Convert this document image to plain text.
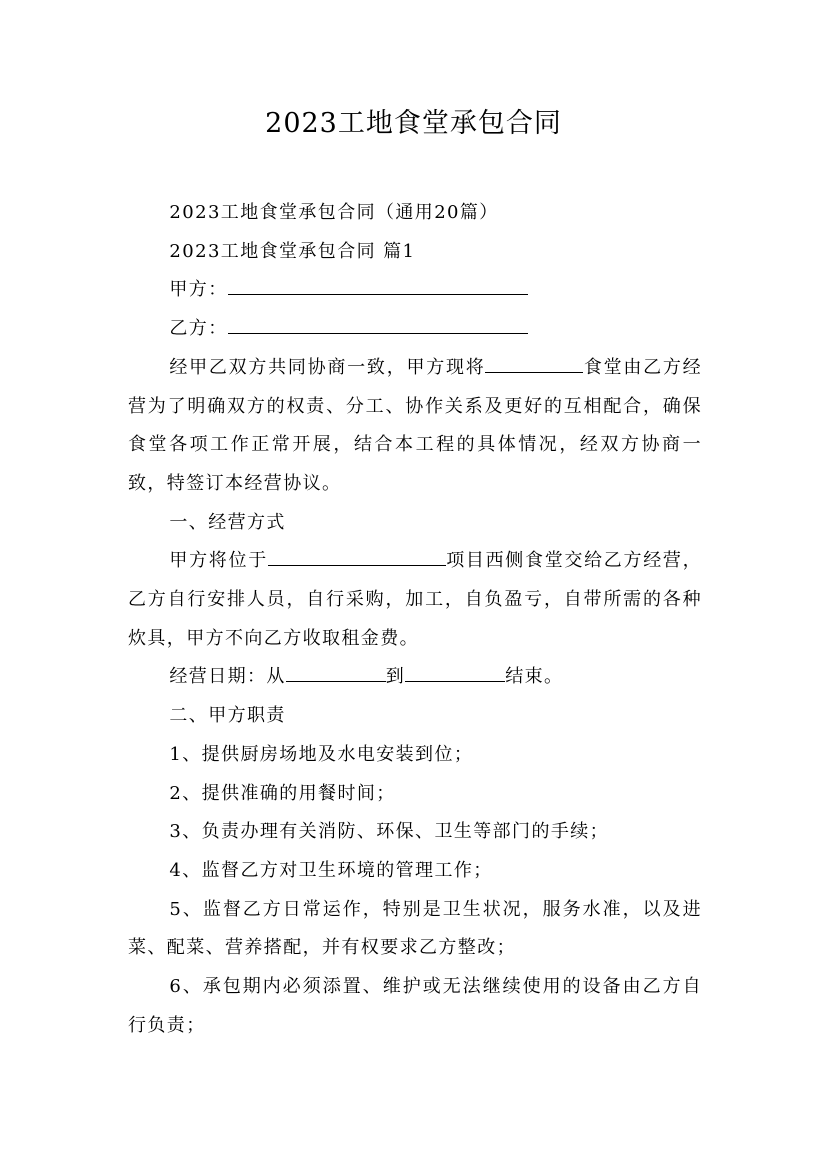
2023工地食堂承包合同

2023工地食堂承包合同（通用20篇）

2023工地食堂承包合同 篇1

甲方：

乙方：

经甲乙双方共同协商一致，甲方现将	食堂由乙方经营为了明确双方的权责、分工、协作关系及更好的互相配合，确保食堂各项工作正常开展，结合本工程的具体情况，经双方协商一致，特签订本经营协议。

一、经营方式

甲方将位于	项目西侧食堂交给乙方经营，乙方自行安排人员，自行采购，加工，自负盈亏，自带所需的各种炊具，甲方不向乙方收取租金费。

经营日期：从	到	结束。

二、甲方职责

1、提供厨房场地及水电安装到位；

2、提供准确的用餐时间；

3、负责办理有关消防、环保、卫生等部门的手续；

4、监督乙方对卫生环境的管理工作；

5、监督乙方日常运作，特别是卫生状况，服务水准，以及进菜、配菜、营养搭配，并有权要求乙方整改；

6、承包期内必须添置、维护或无法继续使用的设备由乙方自行负责；
